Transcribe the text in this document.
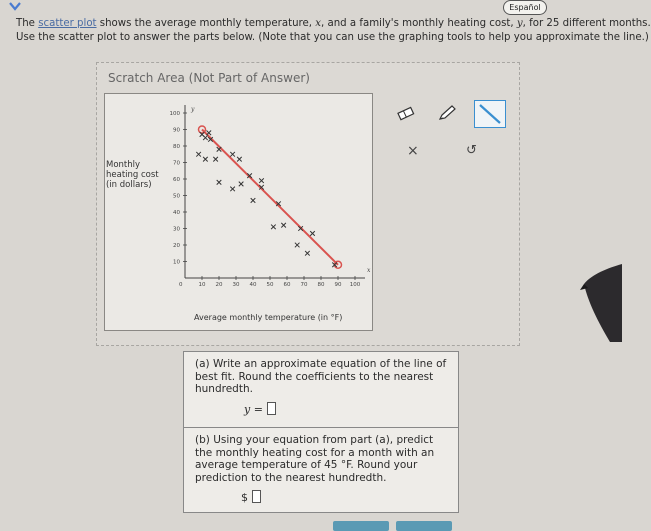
Español
The scatter plot shows the average monthly temperature, x, and a family's monthly heating cost, y, for 25 different months.
Use the scatter plot to answer the parts below. (Note that you can use the graphing tools to help you approximate the line.)
Scratch Area (Not Part of Answer)
Monthly
heating cost
(in dollars)
Average monthly temperature (in °F)
x
y
0	10 20 30 40 50 60 70 80 90 100
10
20
30
40
50
60
70
80
90
100
×	↺
(a) Write an approximate equation of the line of best fit. Round the coefficients to the nearest hundredth.
y =
(b) Using your equation from part (a), predict the monthly heating cost for a month with an average temperature of 45 °F. Round your prediction to the nearest hundredth.
$
